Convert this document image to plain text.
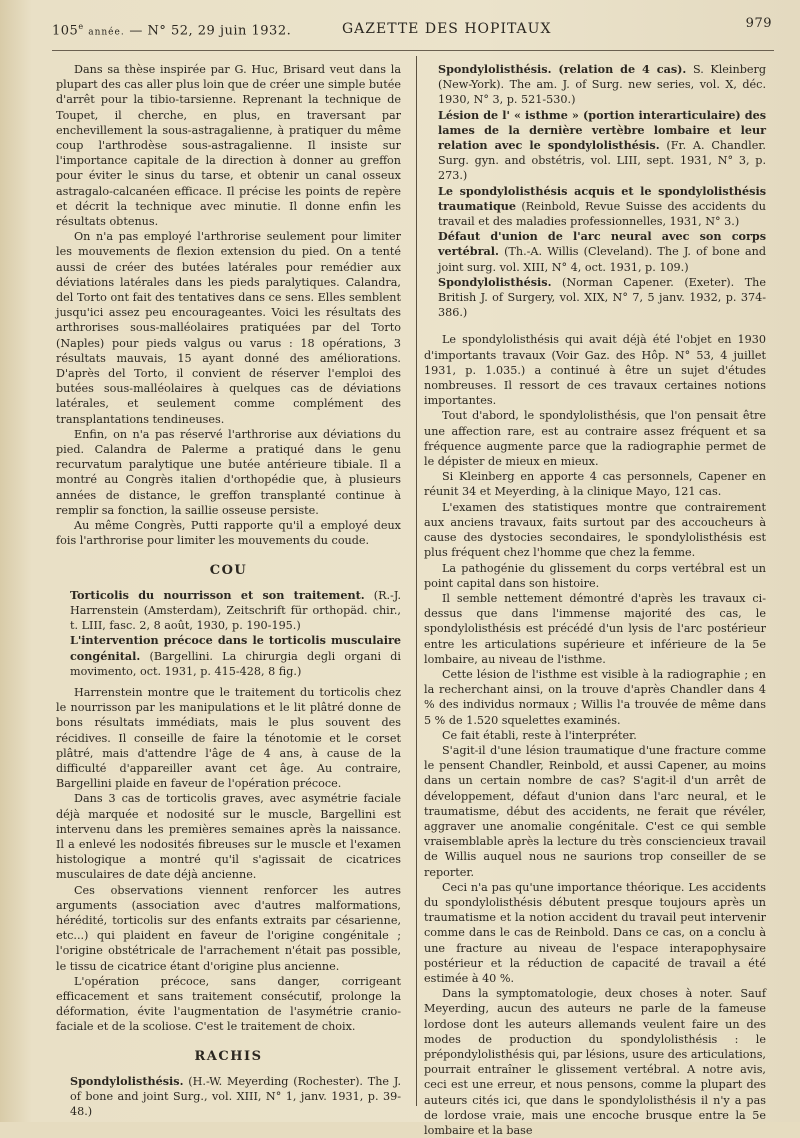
105e année. — N° 52, 29 juin 1932.	GAZETTE DES HOPITAUX	979

Dans sa thèse inspirée par G. Huc, Brisard veut dans la plupart des cas aller plus loin que de créer une simple butée d'arrêt pour la tibio-tarsienne. Reprenant la technique de Toupet, il cherche, en plus, en traversant par enchevillement la sous-astragalienne, à pratiquer du même coup l'arthrodèse sous-astragalienne. Il insiste sur l'importance capitale de la direction à donner au greffon pour éviter le sinus du tarse, et obtenir un canal osseux astragalo-calcanéen efficace. Il précise les points de repère et décrit la technique avec minutie. Il donne enfin les résultats obtenus.

On n'a pas employé l'arthrorise seulement pour limiter les mouvements de flexion extension du pied. On a tenté aussi de créer des butées latérales pour remédier aux déviations latérales dans les pieds paralytiques. Calandra, del Torto ont fait des tentatives dans ce sens. Elles semblent jusqu'ici assez peu encourageantes. Voici les résultats des arthrorises sous-malléolaires pratiquées par del Torto (Naples) pour pieds valgus ou varus : 18 opérations, 3 résultats mauvais, 15 ayant donné des améliorations. D'après del Torto, il convient de réserver l'emploi des butées sous-malléolaires à quelques cas de déviations latérales, et seulement comme complément des transplantations tendineuses.

Enfin, on n'a pas réservé l'arthrorise aux déviations du pied. Calandra de Palerme a pratiqué dans le genu recurvatum paralytique une butée antérieure tibiale. Il a montré au Congrès italien d'orthopédie que, à plusieurs années de distance, le greffon transplanté continue à remplir sa fonction, la saillie osseuse persiste.

Au même Congrès, Putti rapporte qu'il a employé deux fois l'arthrorise pour limiter les mouvements du coude.

COU

Torticolis du nourrisson et son traitement. (R.-J. Harrenstein (Amsterdam), Zeitschrift für orthopäd. chir., t. LIII, fasc. 2, 8 août, 1930, p. 190-195.)

L'intervention précoce dans le torticolis musculaire congénital. (Bargellini. La chirurgia degli organi di movimento, oct. 1931, p. 415-428, 8 fig.)

Harrenstein montre que le traitement du torticolis chez le nourrisson par les manipulations et le lit plâtré donne de bons résultats immédiats, mais le plus souvent des récidives. Il conseille de faire la ténotomie et le corset plâtré, mais d'attendre l'âge de 4 ans, à cause de la difficulté d'appareiller avant cet âge. Au contraire, Bargellini plaide en faveur de l'opération précoce.

Dans 3 cas de torticolis graves, avec asymétrie faciale déjà marquée et nodosité sur le muscle, Bargellini est intervenu dans les premières semaines après la naissance. Il a enlevé les nodosités fibreuses sur le muscle et l'examen histologique a montré qu'il s'agissait de cicatrices musculaires de date déjà ancienne.

Ces observations viennent renforcer les autres arguments (association avec d'autres malformations, hérédité, torticolis sur des enfants extraits par césarienne, etc...) qui plaident en faveur de l'origine congénitale ; l'origine obstétricale de l'arrachement n'était pas possible, le tissu de cicatrice étant d'origine plus ancienne.

L'opération précoce, sans danger, corrigeant efficacement et sans traitement consécutif, prolonge la déformation, évite l'augmentation de l'asymétrie cranio-faciale et de la scoliose. C'est le traitement de choix.

RACHIS

Spondylolisthésis. (H.-W. Meyerding (Rochester). The J. of bone and joint Surg., vol. XIII, N° 1, janv. 1931, p. 39-48.)

Spondylolisthésis. (relation de 4 cas). S. Kleinberg (New-York). The am. J. of Surg. new series, vol. X, déc. 1930, N° 3, p. 521-530.)

Lésion de l' « isthme » (portion interarticulaire) des lames de la dernière vertèbre lombaire et leur relation avec le spondylolisthésis. (Fr. A. Chandler. Surg. gyn. and obstétris, vol. LIII, sept. 1931, N° 3, p. 273.)

Le spondylolisthésis acquis et le spondylolisthésis traumatique (Reinbold, Revue Suisse des accidents du travail et des maladies professionnelles, 1931, N° 3.)

Défaut d'union de l'arc neural avec son corps vertébral. (Th.-A. Willis (Cleveland). The J. of bone and joint surg. vol. XIII, N° 4, oct. 1931, p. 109.)

Spondylolisthésis. (Norman Capener. (Exeter). The British J. of Surgery, vol. XIX, N° 7, 5 janv. 1932, p. 374-386.)

Le spondylolisthésis qui avait déjà été l'objet en 1930 d'importants travaux (Voir Gaz. des Hôp. N° 53, 4 juillet 1931, p. 1.035.) a continué à être un sujet d'études nombreuses. Il ressort de ces travaux certaines notions importantes.

Tout d'abord, le spondylolisthésis, que l'on pensait être une affection rare, est au contraire assez fréquent et sa fréquence augmente parce que la radiographie permet de le dépister de mieux en mieux.

Si Kleinberg en apporte 4 cas personnels, Capener en réunit 34 et Meyerding, à la clinique Mayo, 121 cas.

L'examen des statistiques montre que contrairement aux anciens travaux, faits surtout par des accoucheurs à cause des dystocies secondaires, le spondylolisthésis est plus fréquent chez l'homme que chez la femme.

La pathogénie du glissement du corps vertébral est un point capital dans son histoire.

Il semble nettement démontré d'après les travaux ci-dessus que dans l'immense majorité des cas, le spondylolisthésis est précédé d'un lysis de l'arc postérieur entre les articulations supérieure et inférieure de la 5e lombaire, au niveau de l'isthme.

Cette lésion de l'isthme est visible à la radiographie ; en la recherchant ainsi, on la trouve d'après Chandler dans 4 % des individus normaux ; Willis l'a trouvée de même dans 5 % de 1.520 squelettes examinés.

Ce fait établi, reste à l'interpréter.

S'agit-il d'une lésion traumatique d'une fracture comme le pensent Chandler, Reinbold, et aussi Capener, au moins dans un certain nombre de cas? S'agit-il d'un arrêt de développement, défaut d'union dans l'arc neural, et le traumatisme, début des accidents, ne ferait que révéler, aggraver une anomalie congénitale. C'est ce qui semble vraisemblable après la lecture du très consciencieux travail de Willis auquel nous ne saurions trop conseiller de se reporter.

Ceci n'a pas qu'une importance théorique. Les accidents du spondylolisthésis débutent presque toujours après un traumatisme et la notion accident du travail peut intervenir comme dans le cas de Reinbold. Dans ce cas, on a conclu à une fracture au niveau de l'espace interapophysaire postérieur et la réduction de capacité de travail a été estimée à 40 %.

Dans la symptomatologie, deux choses à noter. Sauf Meyerding, aucun des auteurs ne parle de la fameuse lordose dont les auteurs allemands veulent faire un des modes de production du spondylolisthésis : le prépondylolisthésis qui, par lésions, usure des articulations, pourrait entraîner le glissement vertébral. A notre avis, ceci est une erreur, et nous pensons, comme la plupart des auteurs cités ici, que dans le spondylolisthésis il n'y a pas de lordose vraie, mais une encoche brusque entre la 5e lombaire et la base
